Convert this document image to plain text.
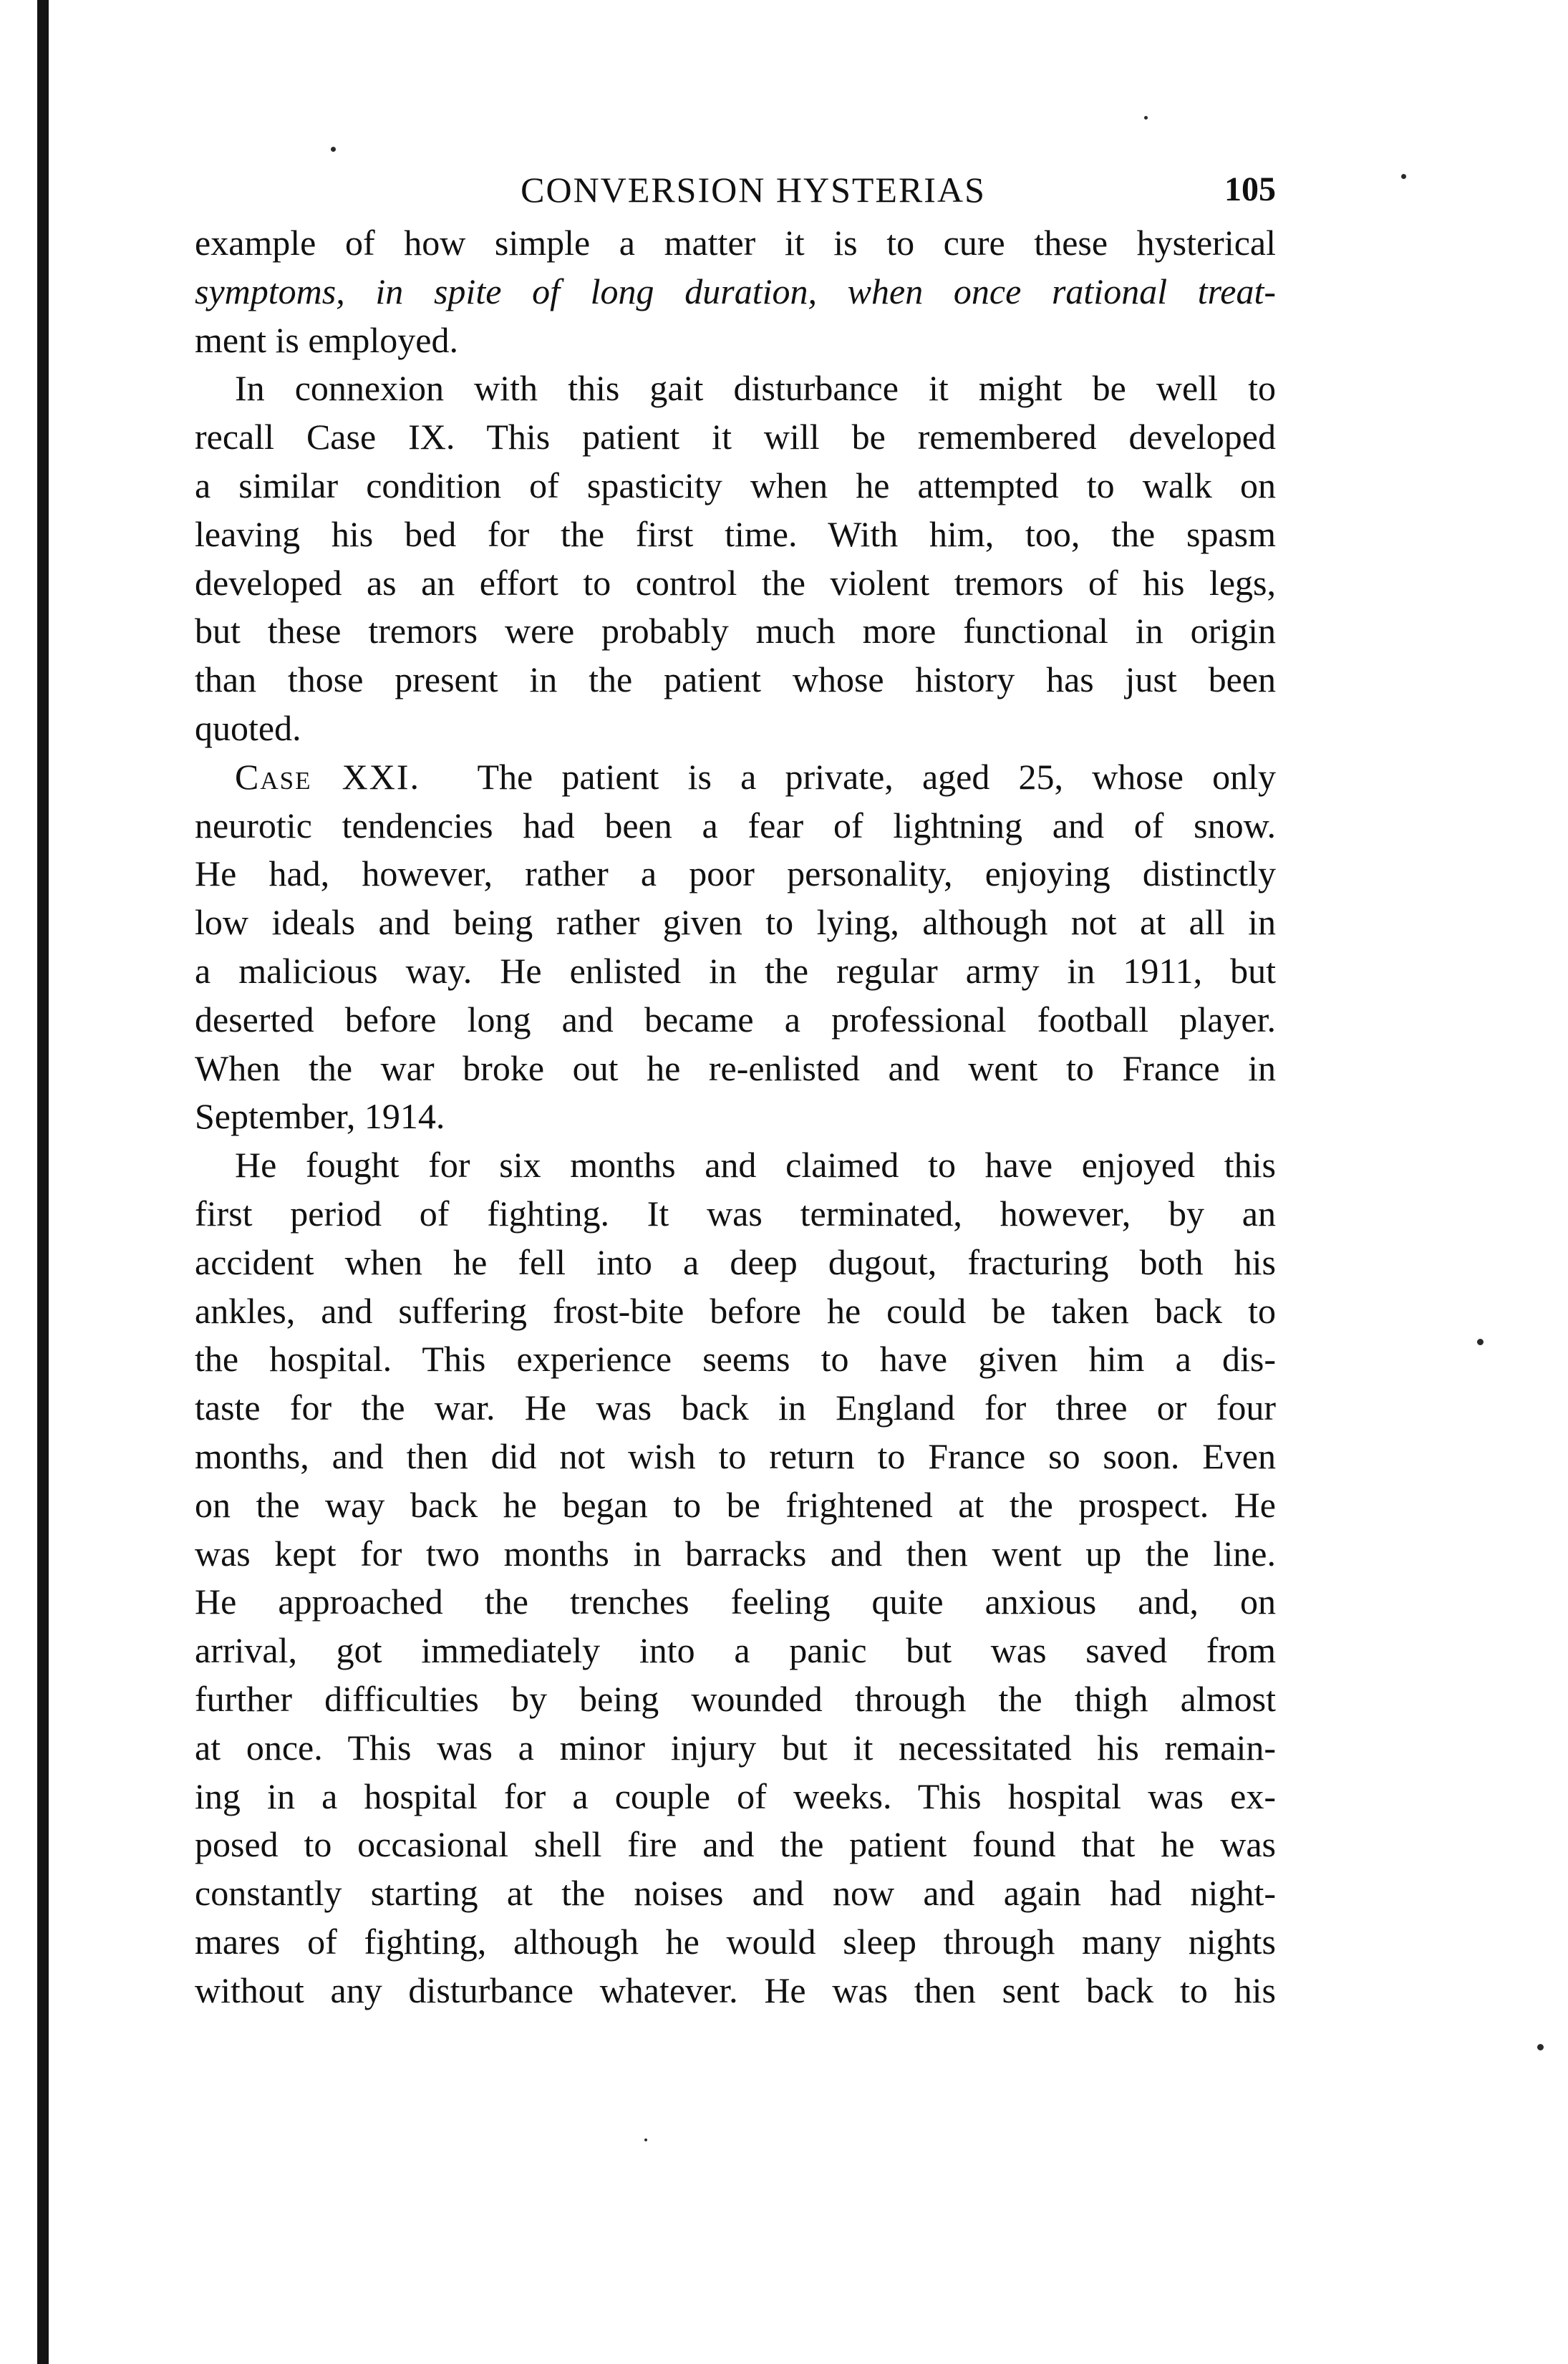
CONVERSION HYSTERIAS	105
example of how simple a matter it is to cure these hysterical
symptoms, in spite of long duration, when once rational treat-
ment is employed.
In connexion with this gait disturbance it might be well to
recall Case IX. This patient it will be remembered developed
a similar condition of spasticity when he attempted to walk on
leaving his bed for the first time. With him, too, the spasm
developed as an effort to control the violent tremors of his legs,
but these tremors were probably much more functional in origin
than those present in the patient whose history has just been
quoted.
Case XXI. The patient is a private, aged 25, whose only
neurotic tendencies had been a fear of lightning and of snow.
He had, however, rather a poor personality, enjoying distinctly
low ideals and being rather given to lying, although not at all in
a malicious way. He enlisted in the regular army in 1911, but
deserted before long and became a professional football player.
When the war broke out he re-enlisted and went to France in
September, 1914.
He fought for six months and claimed to have enjoyed this
first period of fighting. It was terminated, however, by an
accident when he fell into a deep dugout, fracturing both his
ankles, and suffering frost-bite before he could be taken back to
the hospital. This experience seems to have given him a dis-
taste for the war. He was back in England for three or four
months, and then did not wish to return to France so soon. Even
on the way back he began to be frightened at the prospect. He
was kept for two months in barracks and then went up the line.
He approached the trenches feeling quite anxious and, on
arrival, got immediately into a panic but was saved from
further difficulties by being wounded through the thigh almost
at once. This was a minor injury but it necessitated his remain-
ing in a hospital for a couple of weeks. This hospital was ex-
posed to occasional shell fire and the patient found that he was
constantly starting at the noises and now and again had night-
mares of fighting, although he would sleep through many nights
without any disturbance whatever. He was then sent back to his
